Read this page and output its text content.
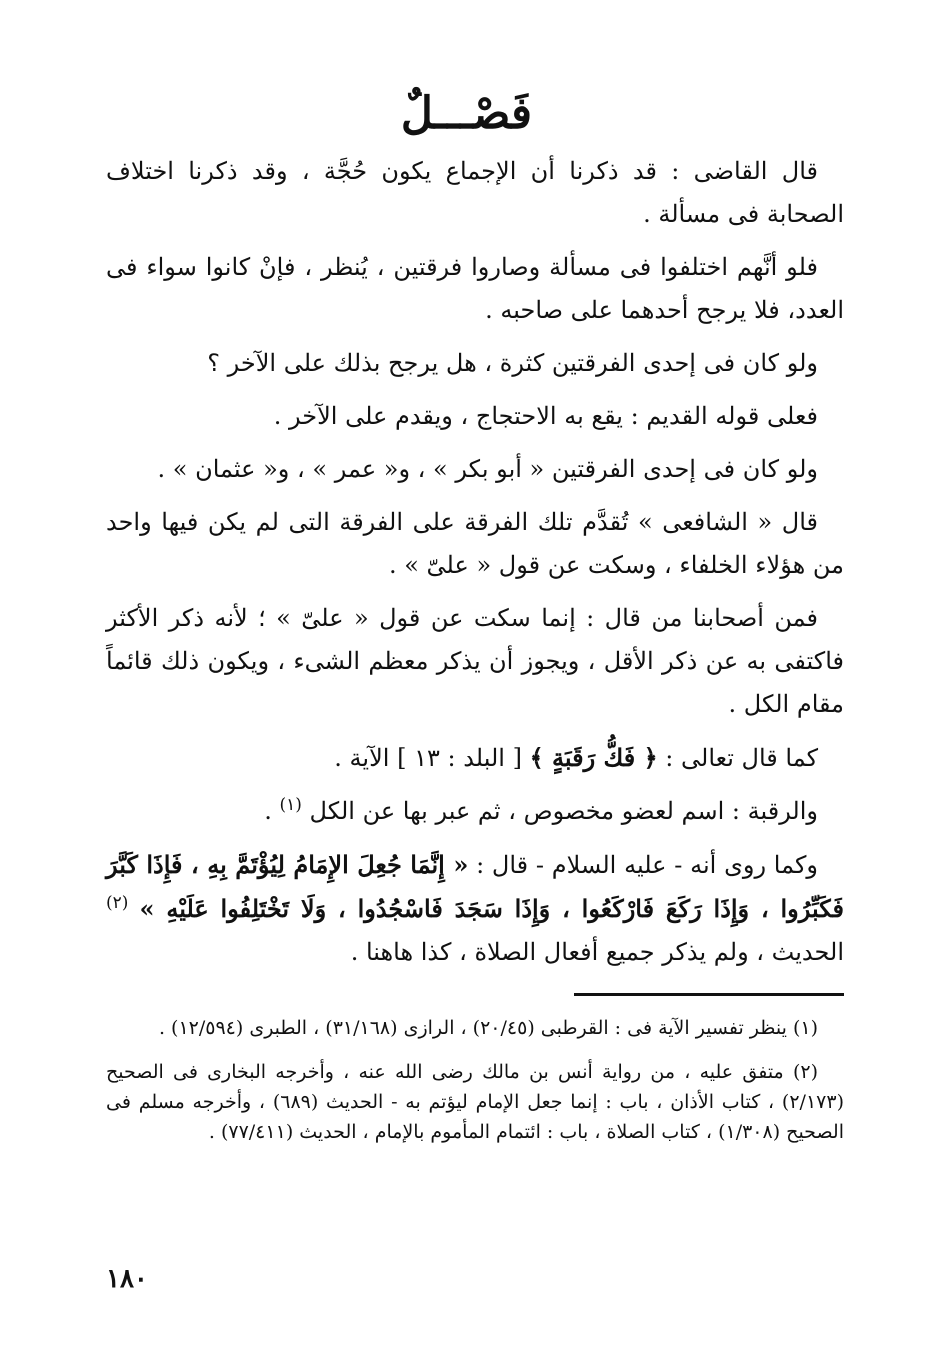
فَصْـــلٌ

قال القاضى : قد ذكرنا أن الإجماع يكون حُجَّة ، وقد ذكرنا اختلاف الصحابة فى مسألة .

فلو أنَّهم اختلفوا فى مسألة وصاروا فرقتين ، يُنظر ، فإنْ كانوا سواء فى العدد، فلا يرجح أحدهما على صاحبه .

ولو كان فى إحدى الفرقتين كثرة ، هل يرجح بذلك على الآخر ؟

فعلى قوله القديم : يقع به الاحتجاج ، ويقدم على الآخر .

ولو كان فى إحدى الفرقتين « أبو بكر » ، و« عمر » ، و« عثمان » .

قال « الشافعى » تُقدَّم تلك الفرقة على الفرقة التى لم يكن فيها واحد من هؤلاء الخلفاء ، وسكت عن قول « علىّ » .

فمن أصحابنا من قال : إنما سكت عن قول « علىّ » ؛ لأنه ذكر الأكثر فاكتفى به عن ذكر الأقل ، ويجوز أن يذكر معظم الشىء ، ويكون ذلك قائماً مقام الكل .

كما قال تعالى : ﴿ فَكُّ رَقَبَةٍ ﴾ [ البلد : ١٣ ] الآية .

والرقبة : اسم لعضو مخصوص ، ثم عبر بها عن الكل $^{(١)}$ .

وكما روى أنه - عليه السلام - قال : « إِنَّمَا جُعِلَ الإِمَامُ لِيُؤْتَمَّ بِهِ ، فَإِذَا كَبَّرَ فَكَبِّرُوا ، وَإِذَا رَكَعَ فَارْكَعُوا ، وَإِذَا سَجَدَ فَاسْجُدُوا ، وَلَا تَخْتَلِفُوا عَلَيْهِ » $^{(٢)}$ الحديث ، ولم يذكر جميع أفعال الصلاة ، كذا هاهنا .

(١) ينظر تفسير الآية فى : القرطبى (٢٠/٤٥) ، الرازى (٣١/١٦٨) ، الطبرى (١٢/٥٩٤) .

(٢) متفق عليه ، من رواية أنس بن مالك رضى الله عنه ، وأخرجه البخارى فى الصحيح (٢/١٧٣) ، كتاب الأذان ، باب : إنما جعل الإمام ليؤتم به - الحديث (٦٨٩) ، وأخرجه مسلم فى الصحيح (١/٣٠٨) ، كتاب الصلاة ، باب : ائتمام المأموم بالإمام ، الحديث (٧٧/٤١١) .

١٨٠
